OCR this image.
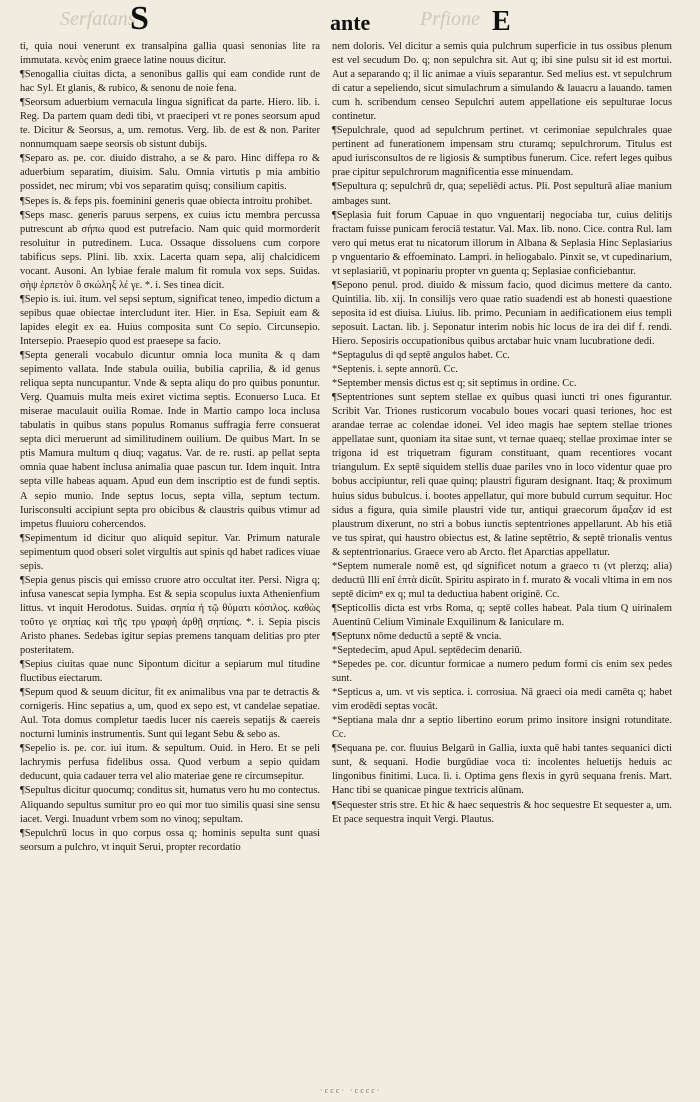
Serfatans	Prfione
S	ante	E

ti, quia noui venerunt ex transalpina gallia quasi senonias lite ra immutata. κενὸς enim graece latine nouus dicitur.

¶Senogallia ciuitas dicta, a senonibus gallis qui eam condide runt de hac Syl. Et glanis, & rubico, & senonu de noie fena.

¶Seorsum aduerbium vernacula lingua significat da parte. Hiero. lib. i. Reg. Da partem quam dedi tibi, vt praeciperi vt re pones seorsum apud te. Dicitur & Seorsus, a, um. remotus. Verg. lib. de est & non. Pariter nonnumquam saepe seorsis ob sistunt dubijs.

¶Separo as. pe. cor. diuido distraho, a se & paro. Hinc diffepa ro & aduerbium separatim, diuisim. Salu. Omnia virtutis p mia ambitio possidet, nec mirum; vbi vos separatim quisq; consilium capitis.

¶Sepes is. & feps pis. foeminini generis quae obiecta introitu prohibet.

¶Seps masc. generis paruus serpens, ex cuius ictu membra percussa putrescunt ab σήπω quod est putrefacio. Nam quic quid mormorderit resoluitur in putredinem. Luca. Ossaque dissoluens cum corpore tabificus seps. Plini. lib. xxix. Lacerta quam sepa, alij chalcidicem vocant. Ausoni. An lybiae ferale malum fit romula vox seps. Suidas. σὴψ ἑρπετὸν ὃ σκώληξ λέ γε. *. i. Ses tinea dicit.

¶Sepio is. iui. itum. vel sepsi septum, significat teneo, impedio dictum a sepibus quae obiectae intercludunt iter. Hier. in Esa. Sepiuit eam & lapides elegit ex ea. Huius composita sunt Co sepio. Circunsepio. Intersepio. Praesepio quod est praesepe sa facio.

¶Septa generali vocabulo dicuntur omnia loca munita & q dam sepimento vallata. Inde stabula ouilia, bubilia caprilia, & id genus reliqua septa nuncupantur. Vnde & septa aliqu do pro quibus ponuntur. Verg. Quamuis multa meis exiret victima septis. Econuerso Luca. Et miserae maculauit ouilia Romae. Inde in Martio campo loca inclusa tabulatis in quibus stans populus Romanus suffragia ferre consuerat septa dici meruerunt ad similitudinem ouilium. De quibus Mart. In se ptis Mamura multum q diuq; vagatus. Var. de re. rusti. ap pellat septa omnia quae habent inclusa animalia quae pascun tur. Idem inquit. Intra septa ville habeas aquam. Apud eun dem inscriptio est de fundi septis. A sepio munio. Inde septus locus, septa villa, septum tectum. Iurisconsulti accipiunt septa pro obicibus & claustris quibus vtimur ad impetus fluuioru cohercendos.

¶Sepimentum id dicitur quo aliquid sepitur. Var. Primum naturale sepimentum quod obseri solet virgultis aut spinis qd habet radices viuae sepis.

¶Sepia genus piscis qui emisso cruore atro occultat iter. Persi. Nigra q; infusa vanescat sepia lympha. Est & sepia scopulus iuxta Athenienfium littus. vt inquit Herodotus. Suidas. σηπία ἡ τῷ θύματι κόσιλος. καθὼς τοῦτο γε σηπίας καὶ τῆς τρυ γραφὴ ἀρθῇ σηπίαις. *. i. Sepia piscis Aristo phanes. Sedebas igitur sepias premens tanquam delitias pro pter posteritatem.

¶Sepius ciuitas quae nunc Sipontum dicitur a sepiarum mul titudine fluctibus eiectarum.

¶Sepum quod & seuum dicitur, fit ex animalibus vna par te detractis & cornigeris. Hinc sepatius a, um, quod ex sepo est, vt candelae sepatiae. Aul. Tota domus completur taedis lucer nis caereis sepatijs & caereis nocturni luminis instrumentis. Sunt qui legant Sebu & sebo as.

¶Sepelio is. pe. cor. iui itum. & sepultum. Ouid. in Hero. Et se peli lachrymis perfusa fidelibus ossa. Quod verbum a sepio quidam deducunt, quia cadauer terra vel alio materiae gene re circumsepitur.

¶Sepultus dicitur quocumq; conditus sit, humatus vero hu mo contectus. Aliquando sepultus sumitur pro eo qui mor tuo similis quasi sine sensu iacet. Vergi. Inuadunt vrbem som no vinoq; sepultam.

¶Sepulchrū locus in quo corpus ossa q; hominis sepulta sunt quasi seorsum a pulchro, vt inquit Serui, propter recordatio

nem doloris. Vel dicitur a semis quia pulchrum superficie in tus ossibus plenum est vel secudum Do. q; non sepulchra sit. Aut q; ibi sine pulsu sit id est mortui. Aut a separando q; il lic animae a viuis separantur. Sed melius est. vt sepulchrum di catur a sepeliendo, sicut simulachrum a simulando & lauacru a lauando. tamen cum h. scribendum censeo Sepulchri autem appellatione eis sepulturae locus continetur.

¶Sepulchrale, quod ad sepulchrum pertinet. vt cerimoniae sepulchrales quae pertinent ad funerationem impensam stru cturamq; sepulchrorum. Titulus est apud iurisconsultos de re ligiosis & sumptibus funerum. Cice. refert leges quibus prae cipitur sepulchrorum magnificentia esse minuendam.

¶Sepultura q; sepulchrū dr, qua; sepeliēdi actus. Pli. Post sepulturā aliae manium ambages sunt.

¶Seplasia fuit forum Capuae in quo vnguentarij negociaba tur, cuius delitijs fractam fuisse punicam ferociā testatur. Val. Max. lib. nono. Cice. contra Rul. lam vero qui metus erat tu nicatorum illorum in Albana & Seplasia Hinc Seplasiarius p vnguentario & effoeminato. Lampri. in heliogabalo. Pinxit se, vt cupedinarium, vt seplasiariū, vt popinariu propter vn guenta q; Seplasiae conficiebantur.

¶Sepono penul. prod. diuido & missum facio, quod dicimus mettere da canto. Quintilia. lib. xij. In consilijs vero quae ratio suadendi est ab honesti quaestione seposita id est diuisa. Liuius. lib. primo. Pecuniam in aedificationem eius templi seposuit. Lactan. lib. j. Seponatur interim nobis hic locus de ira dei dif f. rendi. Hiero. Seposiris occupationibus quibus arctabar huic vnam lucubratione dedi.

*Septagulus di qd septē angulos habet. Cc.

*Septenis. i. septe annorū. Cc.

*September mensis dictus est q; sit septimus in ordine. Cc.

¶Septentriones sunt septem stellae ex quibus quasi iuncti tri ones figurantur. Scribit Var. Triones rusticorum vocabulo boues vocari quasi teriones, hoc est arandae terrae ac colendae idonei. Vel ideo magis hae septem stellae triones appellatae sunt, quoniam ita sitae sunt, vt ternae quaeq; stellae proximae inter se trigona id est triquetram figuram constituant, quam recentiores vocant triangulum. Ex septē siquidem stellis duae pariles vno in loco videntur quae pro bobus accipiuntur, reli quae quinq; plaustri figuram designant. Itaq; & proximum huius sidus bubulcus. i. bootes appellatur, qui more bubuld currum sequitur. Hoc sidus a figura, quia simile plaustri vide tur, antiqui graecorum ἅμαξαν id est plaustrum dixerunt, no stri a bobus iunctis septentriones appellarunt. Ab his etiā ve tus spirat, qui haustro obiectus est, & latine septētrio, & septē trionalis ventus & septentrionarius. Graece vero ab Arcto. flet Aparctias appellatur.

*Septem numerale nomē est, qd significet notum a graeco τι (vt plerzq; alia) deductū Illi enī ἑπτὰ dicūt. Spiritu aspirato in f. murato & vocali vltima in em nos septē dicimⁿ ex q; mul ta deductiua habent originē. Cc.

¶Septicollis dicta est vrbs Roma, q; septē colles habeat. Pala tium Q uirinalem Auentinū Celium Viminale Exquilinum & Ianiculare m.

¶Septunx nōme deductū a septē & vncia.

*Septedecim, apud Apul. septēdecim denariū.

*Sepedes pe. cor. dicuntur formicae a numero pedum formi cis enim sex pedes sunt.

*Septicus a, um. vt vis septica. i. corrosiua. Nā graeci oia medi camēta q; habet vim erodēdi septas vocāt.

*Septiana mala dnr a septio libertino eorum primo insitore insigni rotunditate. Cc.

¶Sequana pe. cor. fluuius Belgarū in Gallia, iuxta quē habi tantes sequanici dicti sunt, & sequani. Hodie burgūdiae voca ti: incolentes heluetijs heduis ac lingonibus finitimi. Luca. li. i. Optima gens flexis in gyrū sequana frenis. Mart. Hanc tibi se quanicae pingue textricis alūnam.

¶Sequester stris stre. Et hic & haec sequestris & hoc sequestre Et sequester a, um. Et pace sequestra inquit Vergi. Plautus.

·ccc· ·cccc·
